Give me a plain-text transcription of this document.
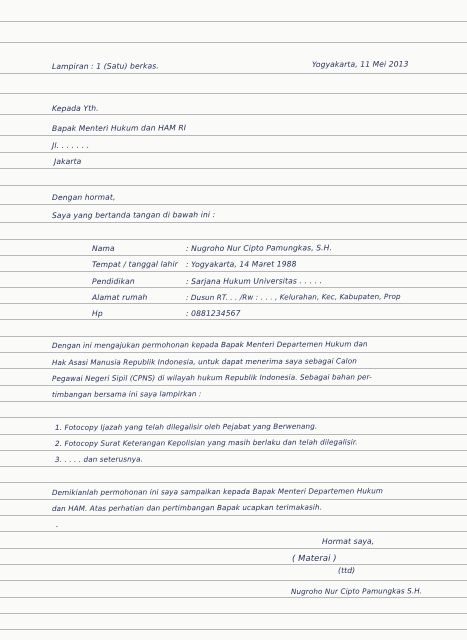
Lampiran : 1 (Satu) berkas.	Yogyakarta, 11 Mei 2013
Kepada Yth.
Bapak Menteri Hukum dan HAM RI
Jl. . . . . . .
Jakarta
Dengan hormat,
Saya yang bertanda tangan di bawah ini :
Nama	: Nugroho Nur Cipto Pamungkas, S.H.
Tempat / tanggal lahir : Yogyakarta, 14 Maret 1988
Pendidikan	: Sarjana Hukum Universitas . . . . .
Alamat rumah	: Dusun RT. . . /Rw : . . . , Kelurahan, Kec, Kabupaten, Prop
Hp	: 0881234567
Dengan ini mengajukan permohonan kepada Bapak Menteri Departemen Hukum dan
Hak Asasi Manusia Republik Indonesia, untuk dapat menerima saya sebagai Calon
Pegawai Negeri Sipil (CPNS) di wilayah hukum Republik Indonesia. Sebagai bahan per-
timbangan bersama ini saya lampirkan :
1. Fotocopy Ijazah yang telah dilegalisir oleh Pejabat yang Berwenang.
2. Fotocopy Surat Keterangan Kepolisian yang masih berlaku dan telah dilegalisir.
3. . . . . dan seterusnya.
Demikianlah permohonan ini saya sampaikan kepada Bapak Menteri Departemen Hukum
dan HAM. Atas perhatian dan pertimbangan Bapak ucapkan terimakasih.
.
Hormat saya,
( Materai )
(ttd)
Nugroho Nur Cipto Pamungkas S.H.
